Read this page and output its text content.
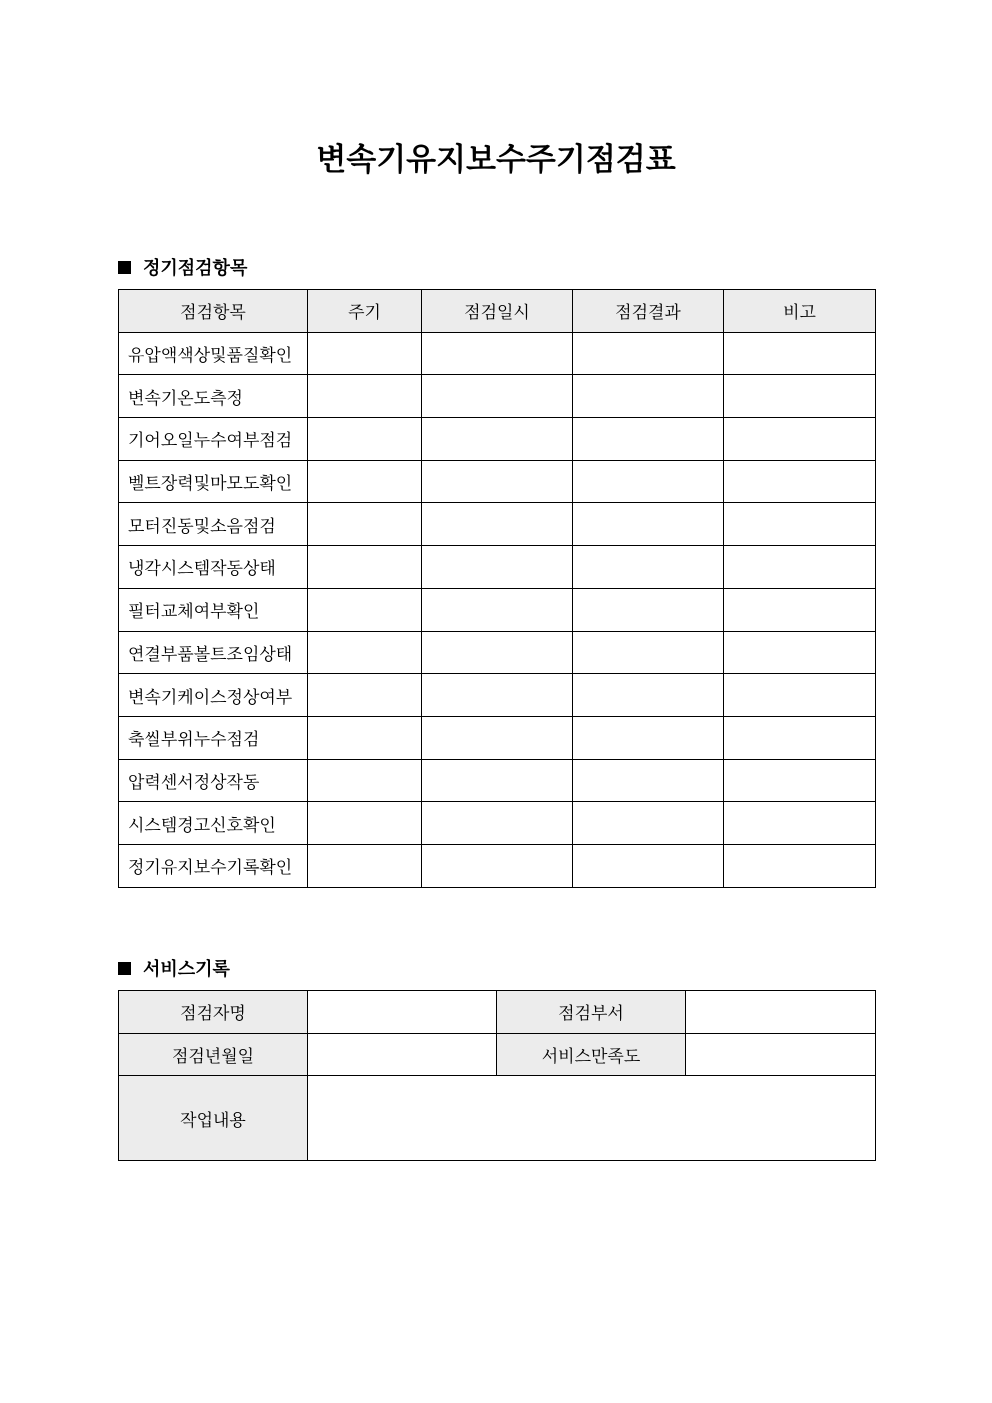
변속기유지보수주기점검표
정기점검항목
점검항목	주기	점검일시	점검결과	비고
유압액색상및품질확인				
변속기온도측정				
기어오일누수여부점검				
벨트장력및마모도확인				
모터진동및소음점검				
냉각시스템작동상태				
필터교체여부확인				
연결부품볼트조임상태				
변속기케이스정상여부				
축씰부위누수점검				
압력센서정상작동				
시스템경고신호확인				
정기유지보수기록확인				
서비스기록
점검자명		점검부서	
점검년월일		서비스만족도	
작업내용			
